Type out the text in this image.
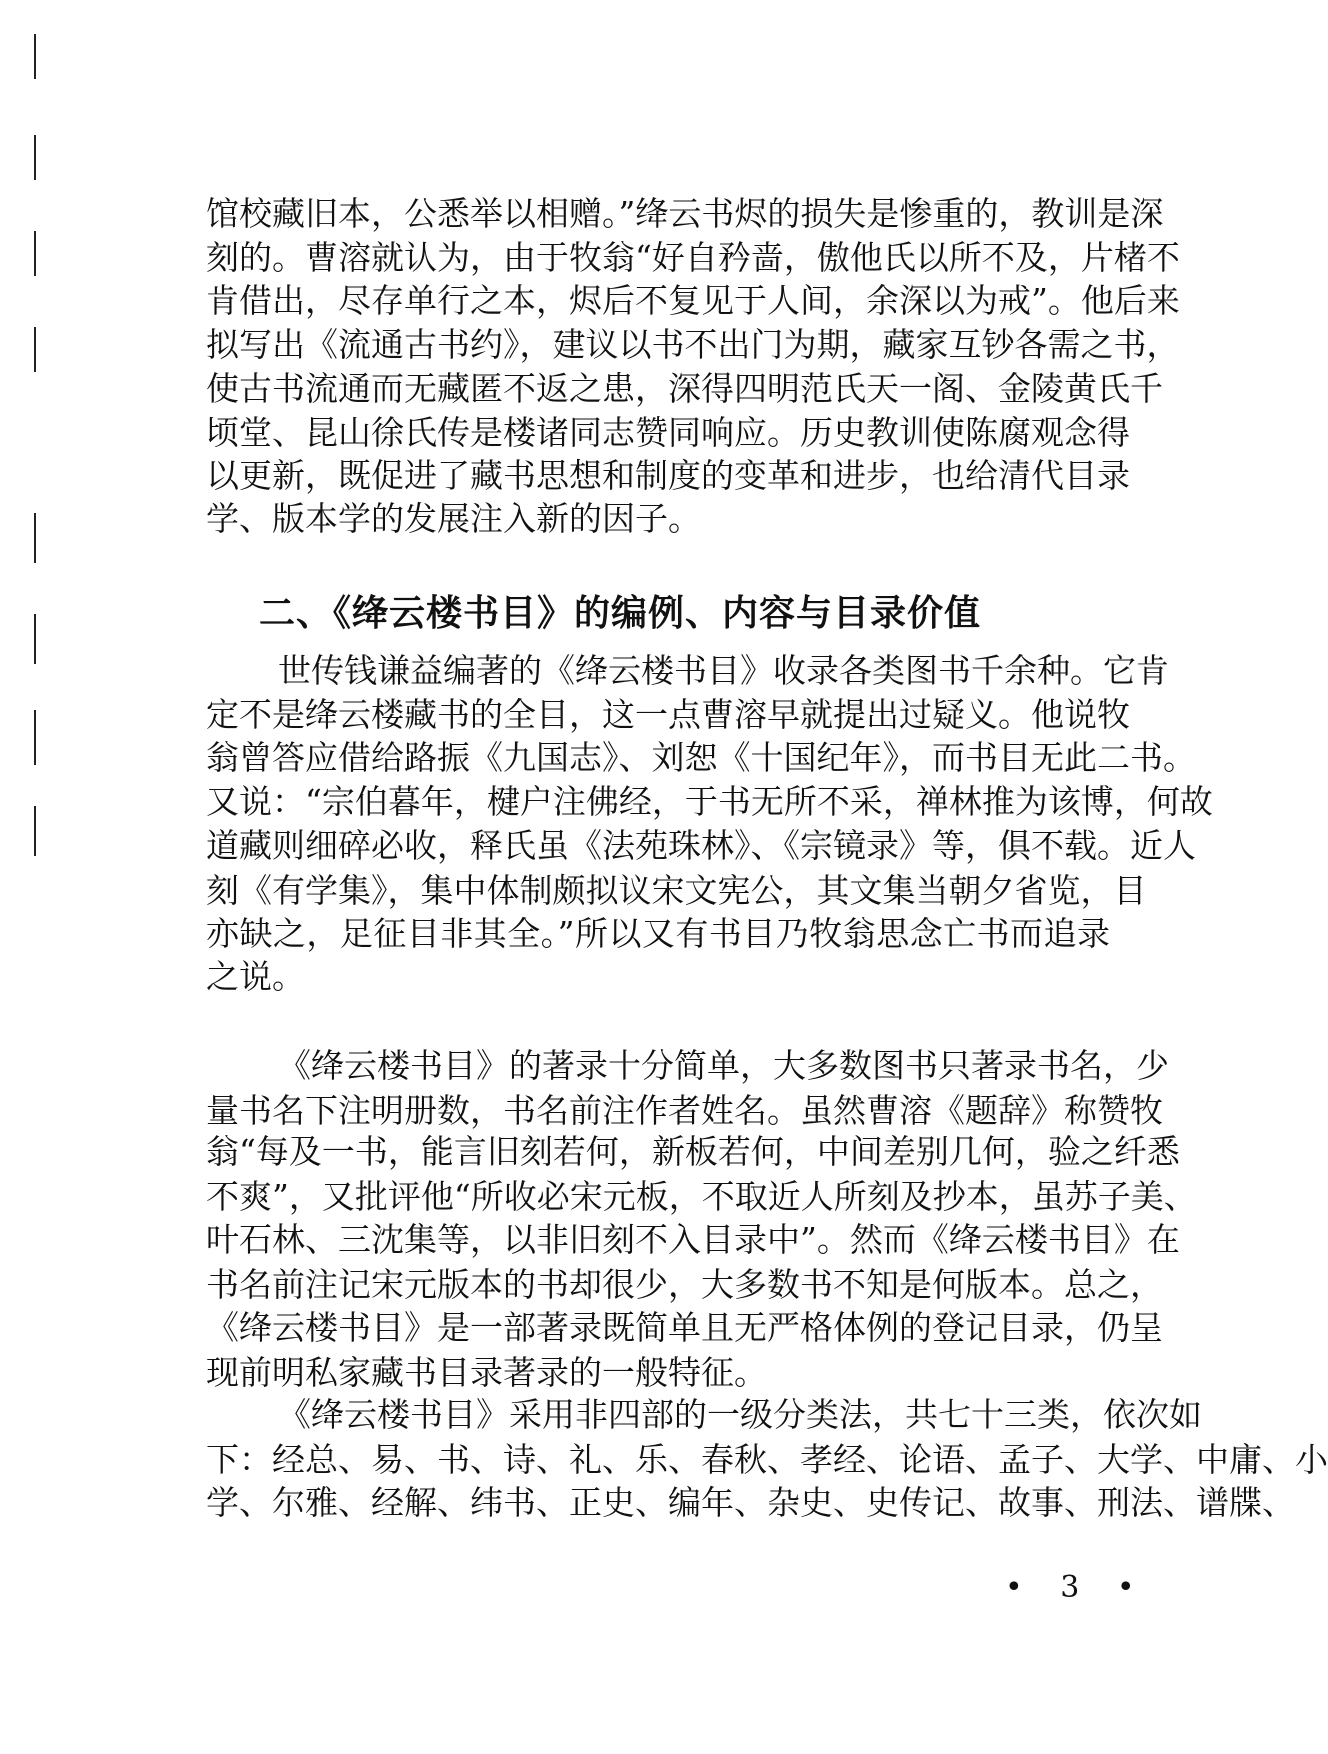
馆校藏旧本，公悉举以相赠。”绛云书烬的损失是惨重的，教训是深
刻的。曹溶就认为，由于牧翁“好自矜啬，傲他氏以所不及，片楮不
肯借出，尽存单行之本，烬后不复见于人间，余深以为戒”。他后来
拟写出《流通古书约》，建议以书不出门为期，藏家互钞各需之书，
使古书流通而无藏匿不返之患，深得四明范氏天一阁、金陵黄氏千
顷堂、昆山徐氏传是楼诸同志赞同响应。历史教训使陈腐观念得
以更新，既促进了藏书思想和制度的变革和进步，也给清代目录
学、版本学的发展注入新的因子。
二、《绛云楼书目》的编例、内容与目录价值
世传钱谦益编著的《绛云楼书目》收录各类图书千余种。它肯
定不是绛云楼藏书的全目，这一点曹溶早就提出过疑义。他说牧
翁曾答应借给路振《九国志》、刘恕《十国纪年》，而书目无此二书。
又说：“宗伯暮年，楗户注佛经，于书无所不采，禅林推为该博，何故
道藏则细碎必收，释氏虽《法苑珠林》、《宗镜录》等，俱不载。近人
刻《有学集》，集中体制颇拟议宋文宪公，其文集当朝夕省览，目
亦缺之，足征目非其全。”所以又有书目乃牧翁思念亡书而追录
之说。
《绛云楼书目》的著录十分简单，大多数图书只著录书名，少
量书名下注明册数，书名前注作者姓名。虽然曹溶《题辞》称赞牧
翁“每及一书，能言旧刻若何，新板若何，中间差别几何，验之纤悉
不爽”，又批评他“所收必宋元板，不取近人所刻及抄本，虽苏子美、
叶石林、三沈集等，以非旧刻不入目录中”。然而《绛云楼书目》在
书名前注记宋元版本的书却很少，大多数书不知是何版本。总之，
《绛云楼书目》是一部著录既简单且无严格体例的登记目录，仍呈
现前明私家藏书目录著录的一般特征。
《绛云楼书目》采用非四部的一级分类法，共七十三类，依次如
下：经总、易、书、诗、礼、乐、春秋、孝经、论语、孟子、大学、中庸、小
学、尔雅、经解、纬书、正史、编年、杂史、史传记、故事、刑法、谱牒、
• 3 •
